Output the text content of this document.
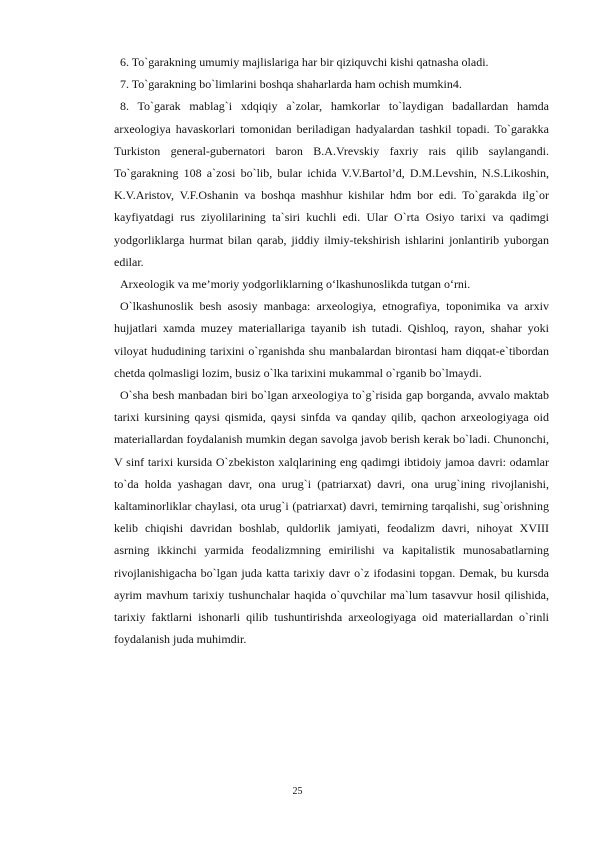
6. To`garakning umumiy majlislariga har bir qiziquvchi kishi qatnasha oladi.

7. To`garakning bo`limlarini boshqa shaharlarda ham ochish mumkin4.

8. To`garak mablag`i xdqiqiy a`zolar, hamkorlar to`laydigan badallardan hamda arxeologiya havaskorlari tomonidan beriladigan hadyalardan tashkil topadi. To`garakka Turkiston general-gubernatori baron B.A.Vrevskiy faxriy rais qilib saylangandi. To`garakning 108 a`zosi bo`lib, bular ichida V.V.Bartol’d, D.M.Levshin, N.S.Likoshin, K.V.Aristov, V.F.Oshanin va boshqa mashhur kishilar hdm bor edi. To`garakda ilg`or kayfiyatdagi rus ziyolilarining ta`siri kuchli edi. Ular O`rta Osiyo tarixi va qadimgi yodgorliklarga hurmat bilan qarab, jiddiy ilmiy-tekshirish ishlarini jonlantirib yuborgan edilar.

Arxeologik va me’moriy yodgorliklarning o‘lkashunoslikda tutgan o‘rni.

O`lkashunoslik besh asosiy manbaga: arxeologiya, etnografiya, toponimika va arxiv hujjatlari xamda muzey materiallariga tayanib ish tutadi. Qishloq, rayon, shahar yoki viloyat hududining tarixini o`rganishda shu manbalardan birontasi ham diqqat-e`tibordan chetda qolmasligi lozim, busiz o`lka tarixini mukammal o`rganib bo`lmaydi.

O`sha besh manbadan biri bo`lgan arxeologiya to`g`risida gap borganda, avvalo maktab tarixi kursining qaysi qismida, qaysi sinfda va qanday qilib, qachon arxeologiyaga oid materiallardan foydalanish mumkin degan savolga javob berish kerak bo`ladi. Chunonchi, V sinf tarixi kursida O`zbekiston xalqlarining eng qadimgi ibtidoiy jamoa davri: odamlar to`da holda yashagan davr, ona urug`i (patriarxat) davri, ona urug`ining rivojlanishi, kaltaminorliklar chaylasi, ota urug`i (patriarxat) davri, temirning tarqalishi, sug`orishning kelib chiqishi davridan boshlab, quldorlik jamiyati, feodalizm davri, nihoyat XVIII asrning ikkinchi yarmida feodalizmning emirilishi va kapitalistik munosabatlarning rivojlanishigacha bo`lgan juda katta tarixiy davr o`z ifodasini topgan. Demak, bu kursda ayrim mavhum tarixiy tushunchalar haqida o`quvchilar ma`lum tasavvur hosil qilishida, tarixiy faktlarni ishonarli qilib tushuntirishda arxeologiyaga oid materiallardan o`rinli foydalanish juda muhimdir.

25
